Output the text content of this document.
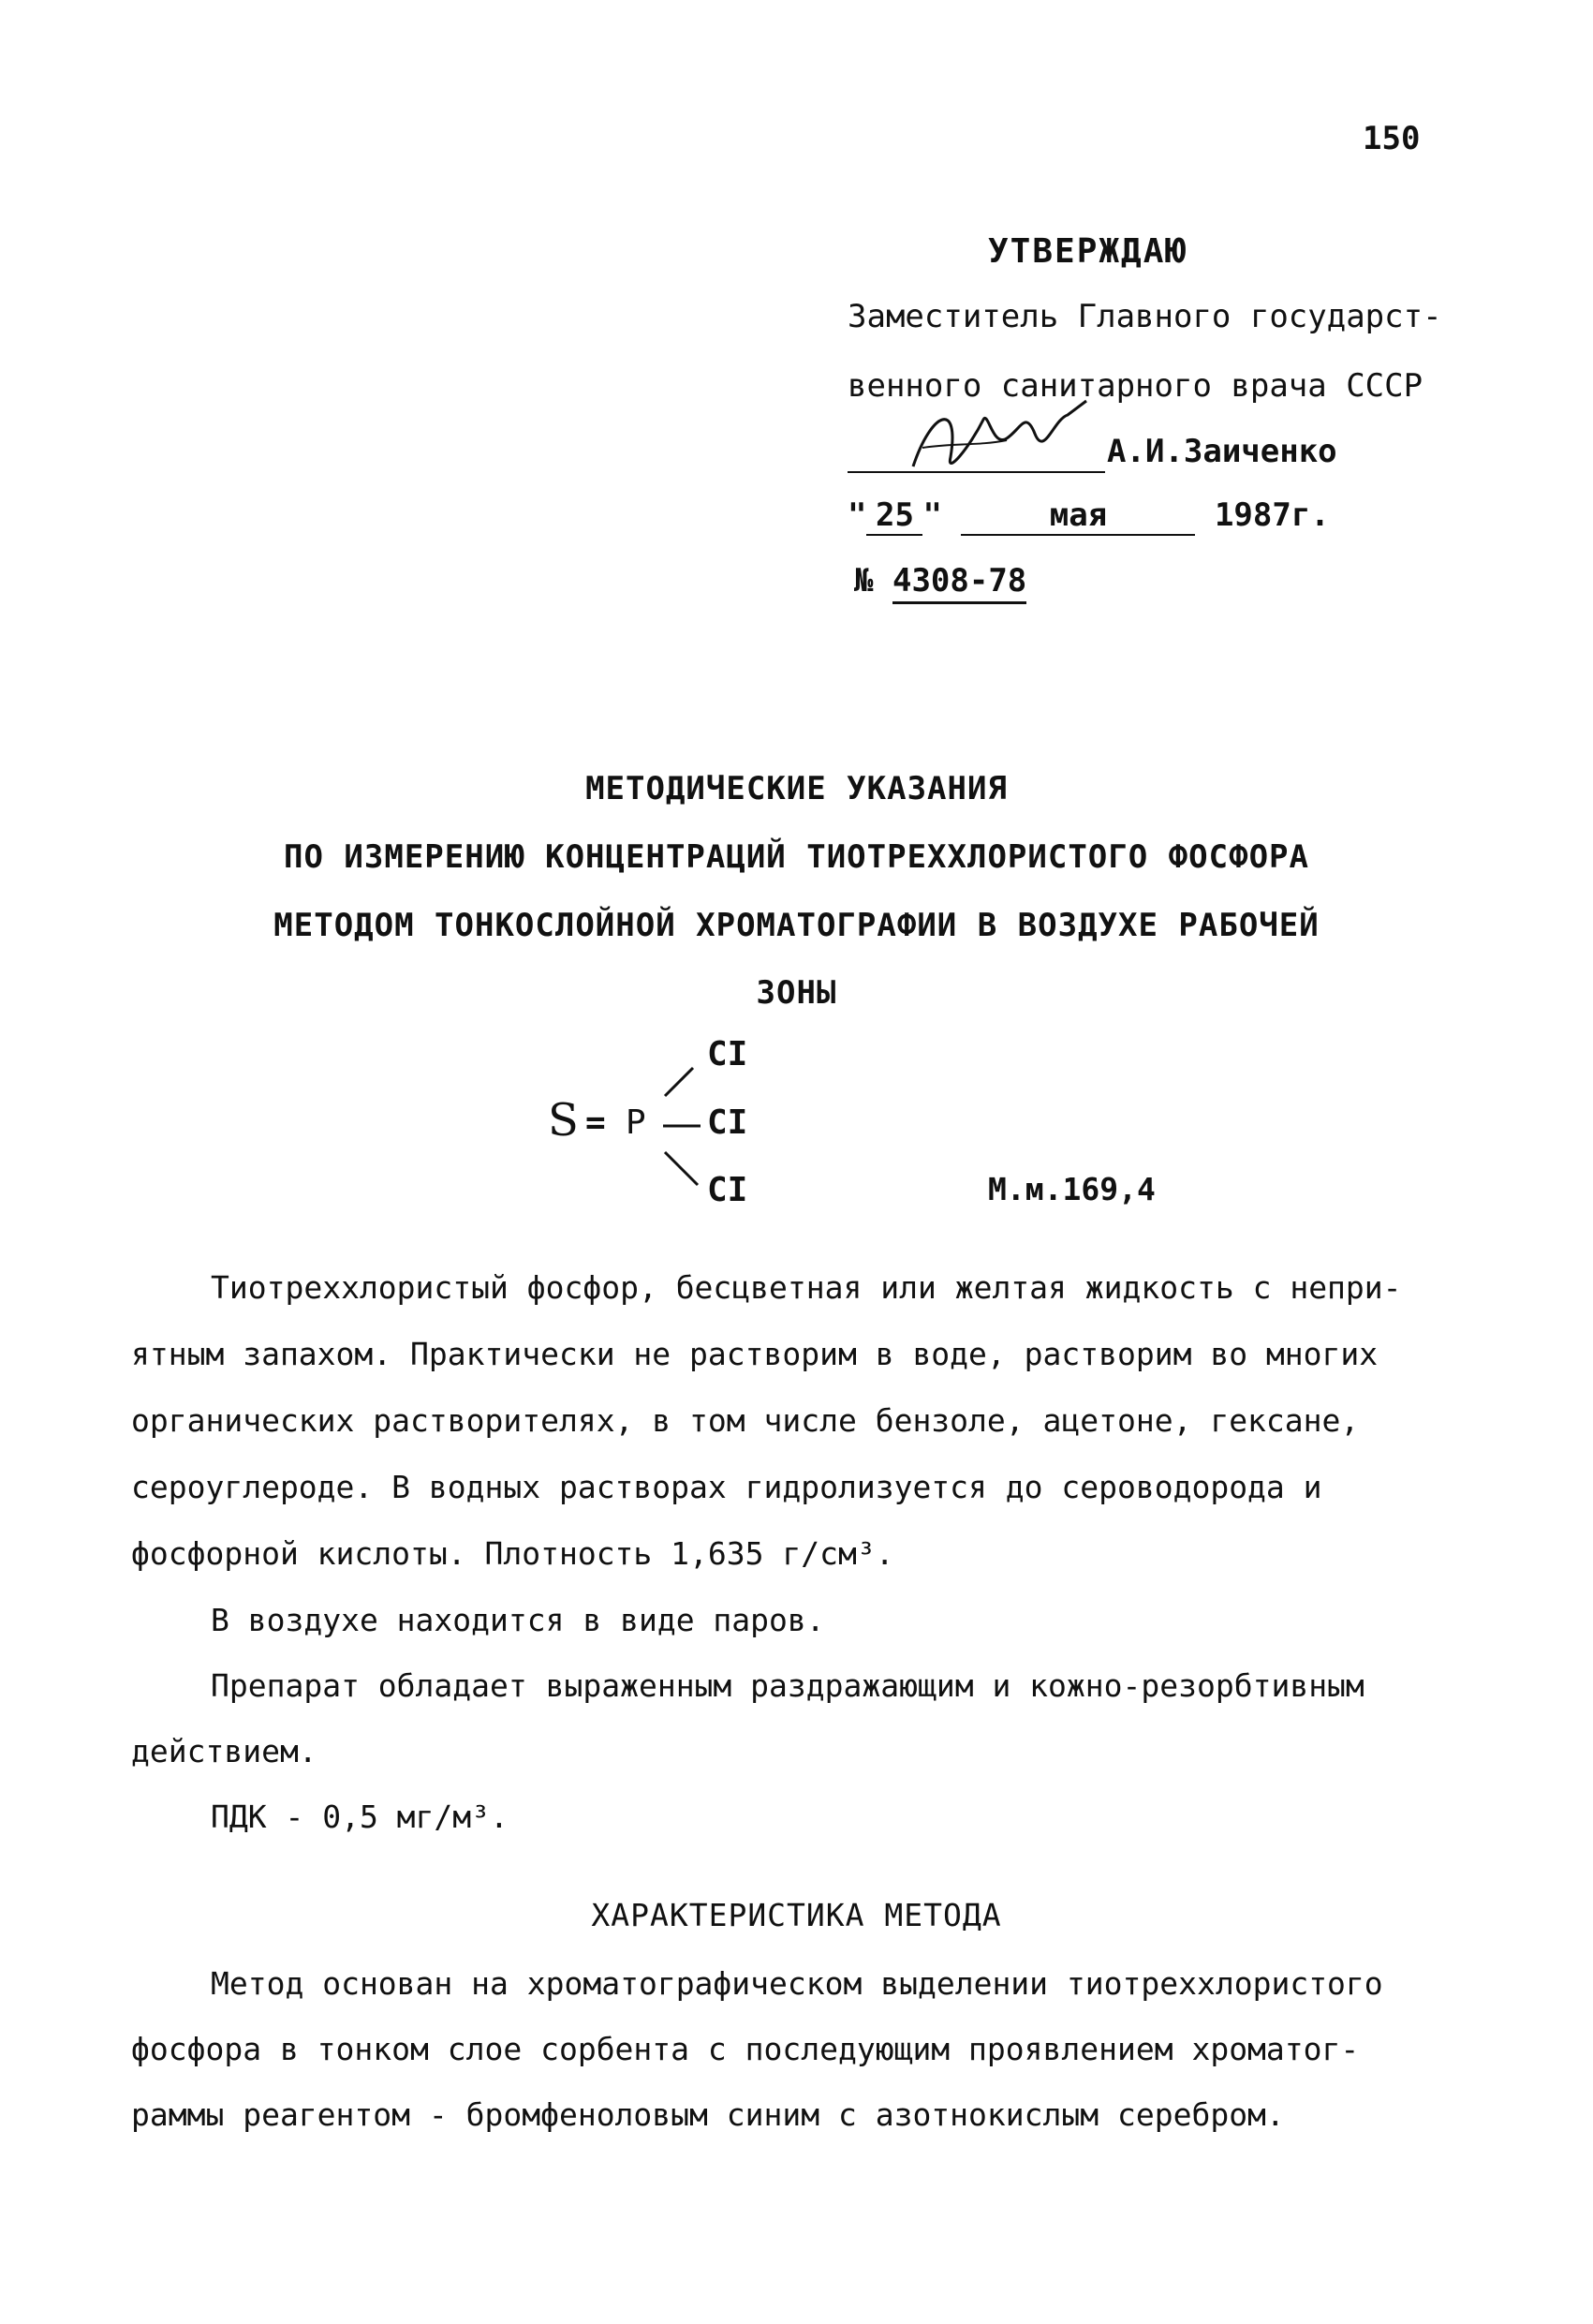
150
УТВЕРЖДАЮ
Заместитель Главного государст-
венного санитарного врача СССР
А.И.Заиченко
" 25 "	мая	1987г.
№ 4308-78
МЕТОДИЧЕСКИЕ УКАЗАНИЯ
ПО ИЗМЕРЕНИЮ КОНЦЕНТРАЦИЙ ТИОТРЕХХЛОРИСТОГО ФОСФОРА
МЕТОДОМ ТОНКОСЛОЙНОЙ ХРОМАТОГРАФИИ В ВОЗДУХЕ РАБОЧЕЙ
ЗОНЫ
S = P
CI
CI
CI	М.м.169,4
Тиотреххлористый фосфор, бесцветная или желтая жидкость с непри-
ятным запахом. Практически не растворим в воде, растворим во многих
органических растворителях, в том числе бензоле, ацетоне, гексане,
сероуглероде. В водных растворах гидролизуется до сероводорода и
фосфорной кислоты. Плотность 1,635 г/см³.
В воздухе находится в виде паров.
Препарат обладает выраженным раздражающим и кожно-резорбтивным
действием.
ПДК - 0,5 мг/м³.
ХАРАКТЕРИСТИКА МЕТОДА
Метод основан на хроматографическом выделении тиотреххлористого
фосфора в тонком слое сорбента с последующим проявлением хроматог-
раммы реагентом - бромфеноловым синим с азотнокислым серебром.
